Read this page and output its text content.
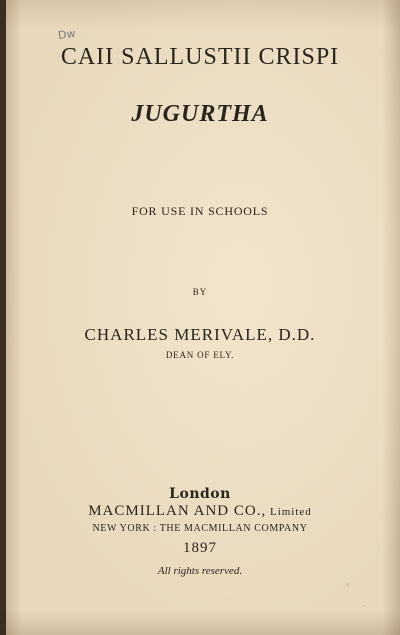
Dw
CAII SALLUSTII CRISPI
JUGURTHA
FOR USE IN SCHOOLS
BY
CHARLES MERIVALE, D.D.
DEAN OF ELY.
London
MACMILLAN AND CO., Limited
NEW YORK : THE MACMILLAN COMPANY
1897
All rights reserved.
